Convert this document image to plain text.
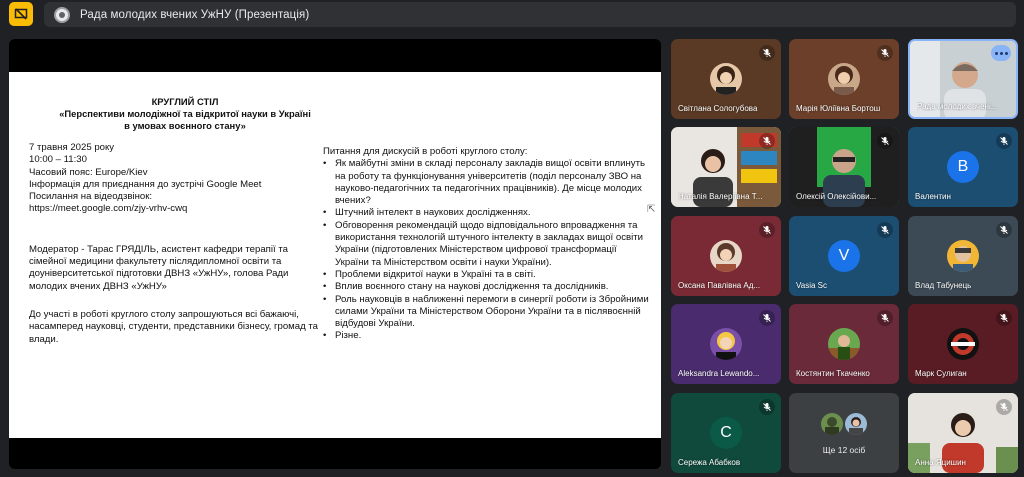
Рада молодих вчених УжНУ (Презентація)
КРУГЛИЙ СТІЛ
«Перспективи молодіжної та відкритої науки в Україні
в умовах воєнного стану»
7 травня 2025 року
10:00 – 11:30
Часовий пояс: Europe/Kiev
Інформація для приєднання до зустрічі Google Meet
Посилання на відеодзвінок:
https://meet.google.com/zjy-vrhv-cwq
Модератор - Тарас ГРЯДІЛЬ, асистент кафедри терапії та сімейної медицини факультету післядипломної освіти та доуніверситетської підготовки ДВНЗ «УжНУ», голова Ради молодих вчених ДВНЗ «УжНУ»
До участі в роботі круглого столу запрошуються всі бажаючі, насамперед науковці, студенти, представники бізнесу, громад та влади.
Питання для дискусій в роботі круглого столу:
• Як майбутні зміни в складі персоналу закладів вищої освіти вплинуть на роботу та функціонування університетів (поділ персоналу ЗВО на науково-педагогічних та педагогічних працівників). Де місце молодих вчених?
• Штучний інтелект в наукових дослідженнях.
• Обговорення рекомендацій щодо відповідального впровадження та використання технологій штучного інтелекту в закладах вищої освіти України (підготовлених Міністерством цифрової трансформації України та Міністерством освіти і науки України).
• Проблеми відкритої науки в Україні та в світі.
• Вплив воєнного стану на наукові дослідження та дослідників.
• Роль науковців в наближенні перемоги в синергії роботи із Збройними силами України та Міністерством Оборони України та в післявоєнній відбудові України.
• Різне.
⇱
Світлана Сологубова	Марія Юліївна Бортош	Рада молодих вчені...
Наталія Валеріївна Т...	Олексій Олексійови...
В
Валентин
Оксана Павлівна Ад...
V
Vasia Sc	Влад Табунець
Aleksandra Lewando...	Костянтин Ткаченко	Марк Сулиган
C
Сережа Абабков
Ще 12 осіб
Анна Яцишин
